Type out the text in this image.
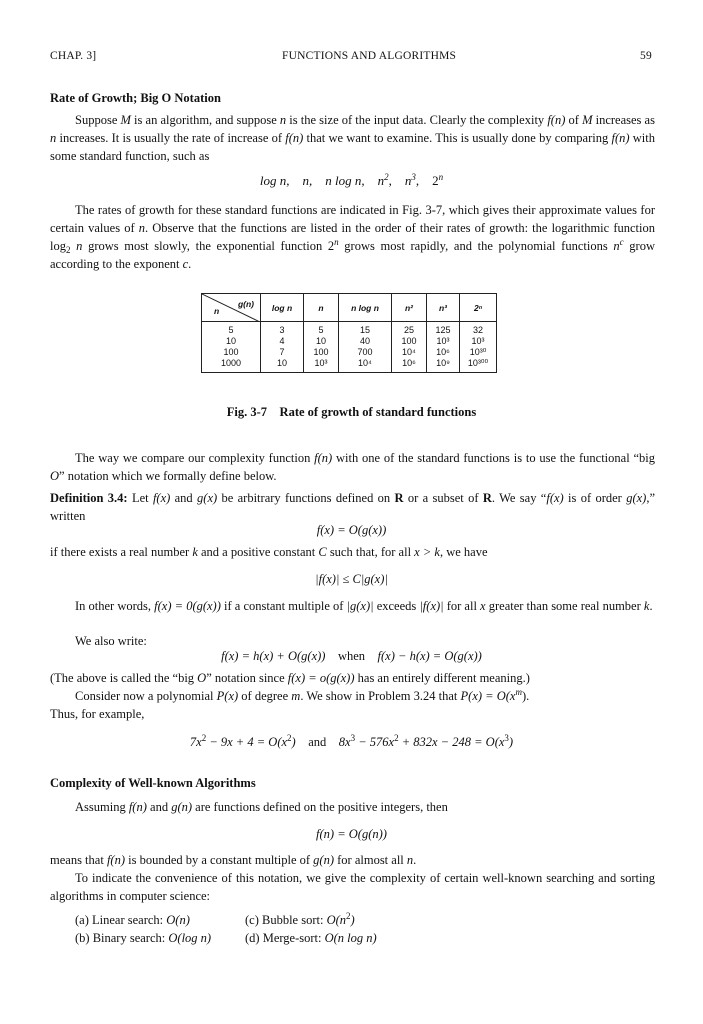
CHAP. 3]	FUNCTIONS AND ALGORITHMS	59
Rate of Growth; Big O Notation
Suppose M is an algorithm, and suppose n is the size of the input data. Clearly the complexity f(n) of M increases as n increases. It is usually the rate of increase of f(n) that we want to examine. This is usually done by comparing f(n) with some standard function, such as
log n, n, n log n, $n^2$, $n^3$, 2$^n$
The rates of growth for these standard functions are indicated in Fig. 3-7, which gives their approximate values for certain values of n. Observe that the functions are listed in the order of their rates of growth: the logarithmic function $\log_2 n$ grows most slowly, the exponential function 2$^n$ grows most rapidly, and the polynomial functions $n^c$ grow according to the exponent c.
g(n)
n	log n	n	n log n	n²	n³	2ⁿ
5	3	5	15	25	125	32
10	4	10	40	100	10³	10³
100	7	100	700	10⁴	10⁶	10³⁰
1000	10	10³	10⁴	10⁶	10⁹	10³⁰⁰
Fig. 3-7    Rate of growth of standard functions
The way we compare our complexity function f(n) with one of the standard functions is to use the functional “big O” notation which we formally define below.
Definition 3.4: Let f(x) and g(x) be arbitrary functions defined on R or a subset of R. We say “f(x) is of order g(x),” written
f(x) = O(g(x))
if there exists a real number k and a positive constant C such that, for all x > k, we have
|f(x)| ≤ C|g(x)|
In other words, f(x) = 0(g(x)) if a constant multiple of |g(x)| exceeds |f(x)| for all x greater than some real number k.
We also write:
f(x) = h(x) + O(g(x)) when f(x) − h(x) = O(g(x))
(The above is called the “big O” notation since f(x) = o(g(x)) has an entirely different meaning.)
Consider now a polynomial P(x) of degree m. We show in Problem 3.24 that $P(x) = O(x^m)$.
Thus, for example,
$7x^2 - 9x + 4 = O(x^2)$ and $8x^3 - 576x^2 + 832x - 248 = O(x^3)$
Complexity of Well-known Algorithms
Assuming f(n) and g(n) are functions defined on the positive integers, then
f(n) = O(g(n))
means that f(n) is bounded by a constant multiple of g(n) for almost all n.
To indicate the convenience of this notation, we give the complexity of certain well-known searching and sorting algorithms in computer science:
(a) Linear search: O(n)
(b) Binary search: O(log n)
(c) Bubble sort: $O(n^2)$
(d) Merge-sort: O(n log n)
